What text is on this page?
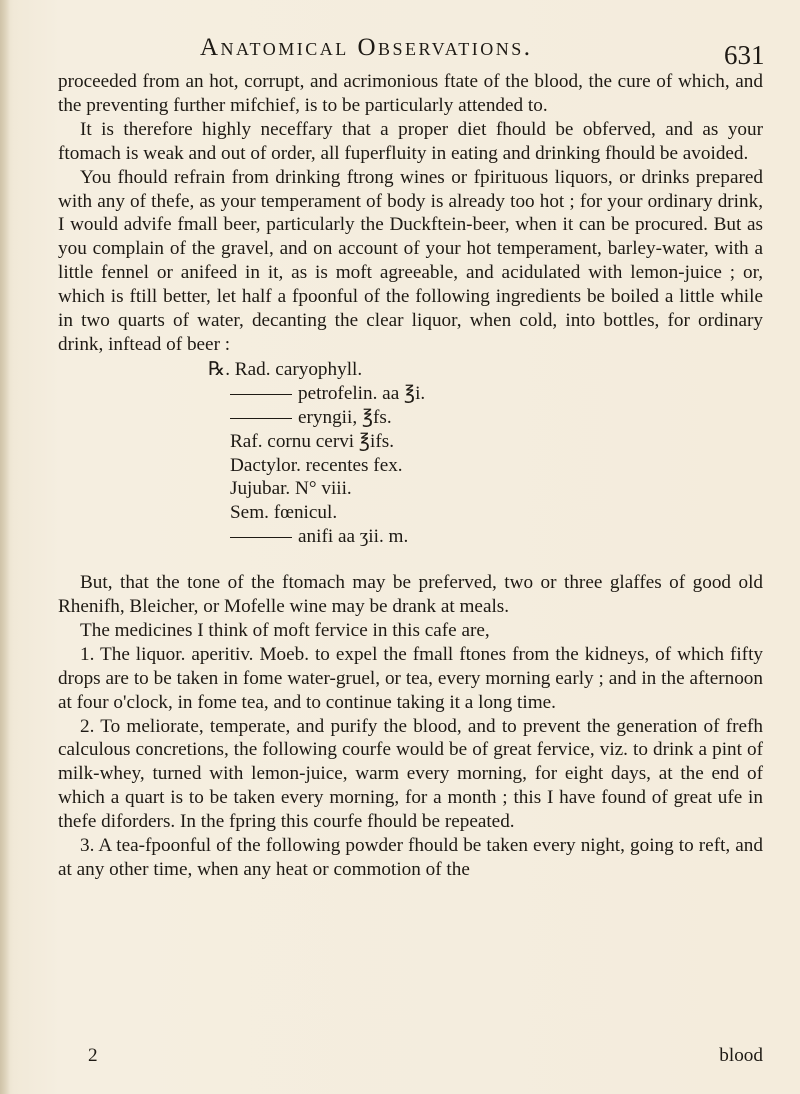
Anatomical Observations.	631

proceeded from an hot, corrupt, and acrimonious ftate of the blood, the cure of which, and the preventing further mifchief, is to be particularly attended to.

It is therefore highly neceffary that a proper diet fhould be obferved, and as your ftomach is weak and out of order, all fuperfluity in eating and drinking fhould be avoided.

You fhould refrain from drinking ftrong wines or fpirituous liquors, or drinks prepared with any of thefe, as your temperament of body is already too hot ; for your ordinary drink, I would advife fmall beer, particularly the Duckftein-beer, when it can be procured. But as you complain of the gravel, and on account of your hot temperament, barley-water, with a little fennel or anifeed in it, as is moft agreeable, and acidulated with lemon-juice ; or, which is ftill better, let half a fpoonful of the following ingredients be boiled a little while in two quarts of water, decanting the clear liquor, when cold, into bottles, for ordinary drink, inftead of beer :

℞. Rad. caryophyll.
petrofelin. aa ℥i.
eryngii, ℥fs.
Raf. cornu cervi ℥ifs.
Dactylor. recentes fex.
Jujubar. N° viii.
Sem. fœnicul.
anifi aa ʒii. m.

But, that the tone of the ftomach may be preferved, two or three glaffes of good old Rhenifh, Bleicher, or Mofelle wine may be drank at meals.

The medicines I think of moft fervice in this cafe are,

1. The liquor. aperitiv. Moeb. to expel the fmall ftones from the kidneys, of which fifty drops are to be taken in fome water-gruel, or tea, every morning early ; and in the afternoon at four o'clock, in fome tea, and to continue taking it a long time.

2. To meliorate, temperate, and purify the blood, and to prevent the generation of frefh calculous concretions, the following courfe would be of great fervice, viz. to drink a pint of milk-whey, turned with lemon-juice, warm every morning, for eight days, at the end of which a quart is to be taken every morning, for a month ; this I have found of great ufe in thefe diforders. In the fpring this courfe fhould be repeated.

3. A tea-fpoonful of the following powder fhould be taken every night, going to reft, and at any other time, when any heat or commotion of the

2	blood
